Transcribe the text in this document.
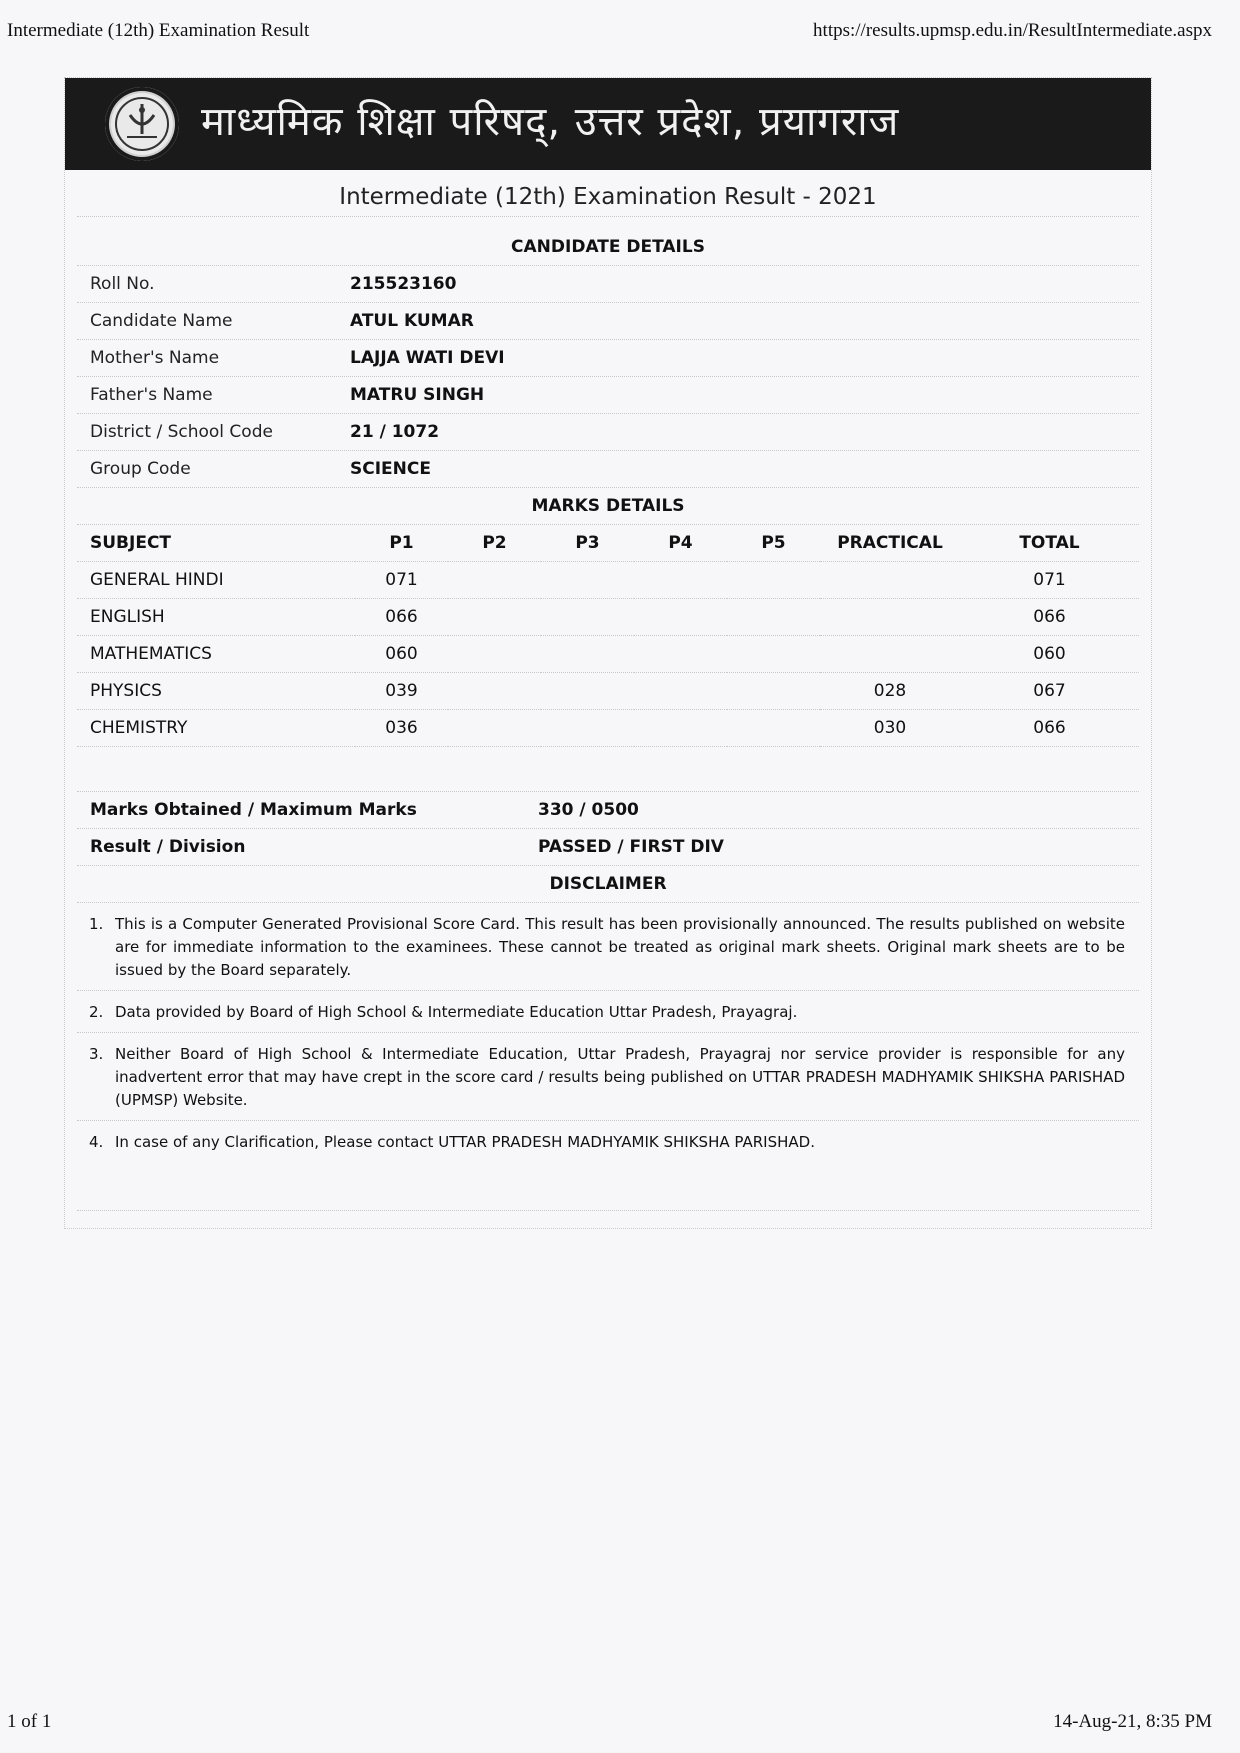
Intermediate (12th) Examination Result	https://results.upmsp.edu.in/ResultIntermediate.aspx
माध्यमिक शिक्षा परिषद्, उत्तर प्रदेश, प्रयागराज
Intermediate (12th) Examination Result - 2021
CANDIDATE DETAILS
Roll No.	215523160
Candidate Name	ATUL KUMAR
Mother's Name	LAJJA WATI DEVI
Father's Name	MATRU SINGH
District / School Code	21 / 1072
Group Code	SCIENCE
MARKS DETAILS
SUBJECT	P1	P2	P3	P4	P5	PRACTICAL	TOTAL
GENERAL HINDI	071						071
ENGLISH	066						066
MATHEMATICS	060						060
PHYSICS	039					028	067
CHEMISTRY	036					030	066
Marks Obtained / Maximum Marks	330 / 0500
Result / Division	PASSED / FIRST DIV
DISCLAIMER
1. This is a Computer Generated Provisional Score Card. This result has been provisionally announced. The results published on website are for immediate information to the examinees. These cannot be treated as original mark sheets. Original mark sheets are to be issued by the Board separately.
2. Data provided by Board of High School & Intermediate Education Uttar Pradesh, Prayagraj.
3. Neither Board of High School & Intermediate Education, Uttar Pradesh, Prayagraj nor service provider is responsible for any inadvertent error that may have crept in the score card / results being published on UTTAR PRADESH MADHYAMIK SHIKSHA PARISHAD (UPMSP) Website.
4. In case of any Clarification, Please contact UTTAR PRADESH MADHYAMIK SHIKSHA PARISHAD.
1 of 1	14-Aug-21, 8:35 PM
